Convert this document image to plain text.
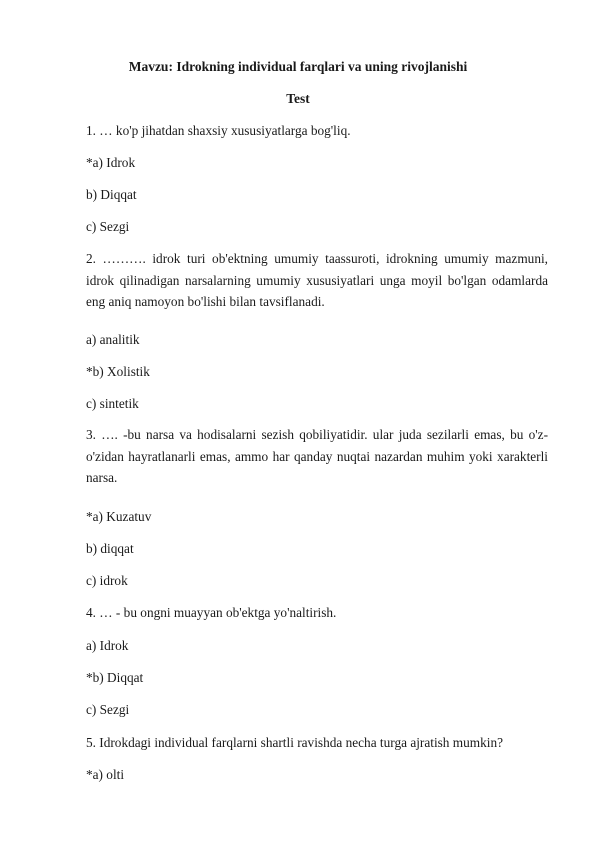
Mavzu: Idrokning individual farqlari va uning rivojlanishi
Test
1. … ko'p jihatdan shaxsiy xususiyatlarga bog'liq.
*a) Idrok
b) Diqqat
c) Sezgi
2. ………. idrok turi ob'ektning umumiy taassuroti, idrokning umumiy mazmuni, idrok qilinadigan narsalarning umumiy xususiyatlari unga moyil bo'lgan odamlarda eng aniq namoyon bo'lishi bilan tavsiflanadi.
a) analitik
*b) Xolistik
c) sintetik
3. …. -bu narsa va hodisalarni sezish qobiliyatidir. ular juda sezilarli emas, bu o'z-o'zidan hayratlanarli emas, ammo har qanday nuqtai nazardan muhim yoki xarakterli narsa.
*a) Kuzatuv
b) diqqat
c) idrok
4. … - bu ongni muayyan ob'ektga yo'naltirish.
a) Idrok
*b) Diqqat
c) Sezgi
5. Idrokdagi individual farqlarni shartli ravishda necha turga ajratish mumkin?
*a) olti
